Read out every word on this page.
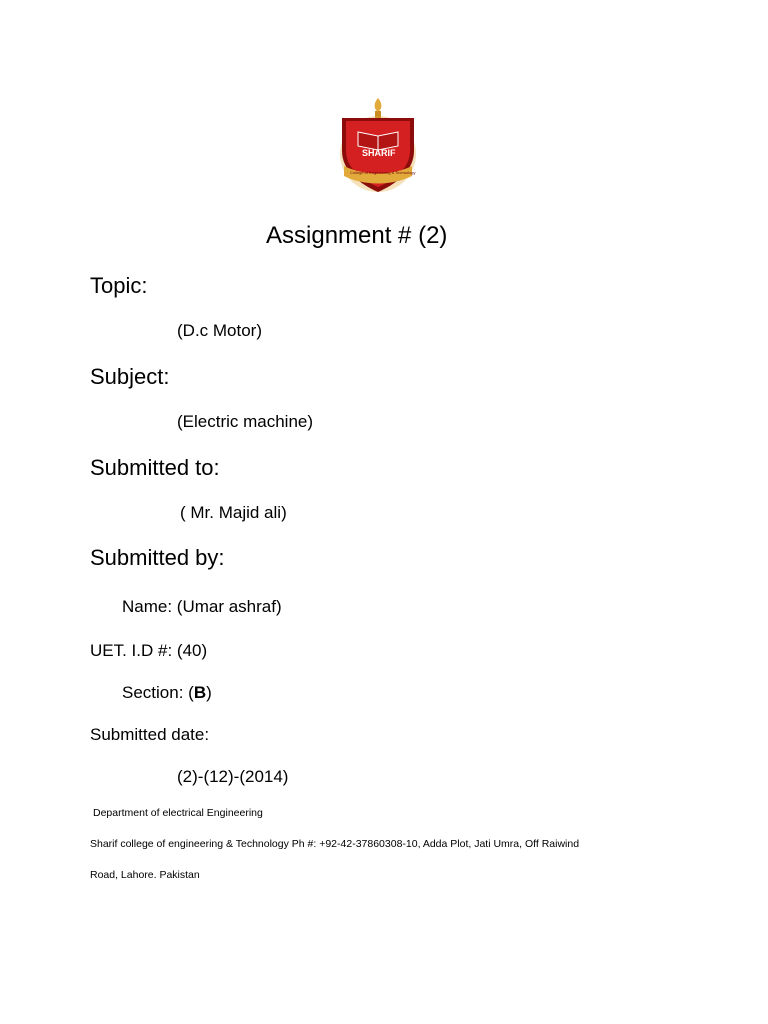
SHARIF
College of Engineering & Technology
Assignment # (2)
Topic:
(D.c Motor)
Subject:
(Electric machine)
Submitted to:
( Mr. Majid ali)
Submitted by:
Name: (Umar ashraf)
UET. I.D #: (40)
Section: (B)
Submitted date:
(2)-(12)-(2014)
Department of electrical Engineering
Sharif college of engineering & Technology Ph #: +92-42-37860308-10, Adda Plot, Jati Umra, Off Raiwind
Road, Lahore. Pakistan
